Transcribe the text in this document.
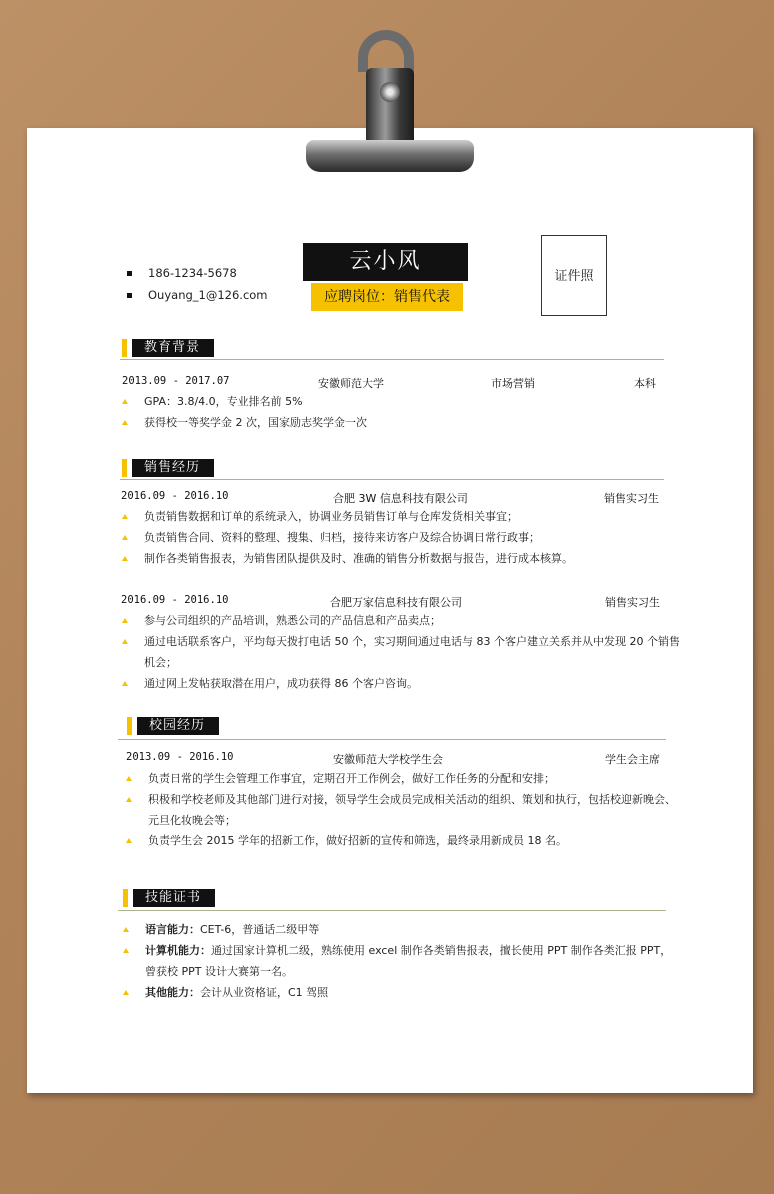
186-1234-5678
Ouyang_1@126.com
云小风
应聘岗位：销售代表
证件照
教育背景
2013.09 - 2017.07	安徽师范大学	市场营销	本科
GPA：3.8/4.0，专业排名前 5%
获得校一等奖学金 2 次，国家励志奖学金一次
销售经历
2016.09 - 2016.10	合肥 3W 信息科技有限公司	销售实习生
负责销售数据和订单的系统录入，协调业务员销售订单与仓库发货相关事宜；
负责销售合同、资料的整理、搜集、归档，接待来访客户及综合协调日常行政事；
制作各类销售报表，为销售团队提供及时、准确的销售分析数据与报告，进行成本核算。
2016.09 - 2016.10	合肥万家信息科技有限公司	销售实习生
参与公司组织的产品培训，熟悉公司的产品信息和产品卖点；
通过电话联系客户，平均每天拨打电话 50 个，实习期间通过电话与 83 个客户建立关系并从中发现 20 个销售
机会；
通过网上发帖获取潜在用户，成功获得 86 个客户咨询。
校园经历
2013.09 - 2016.10	安徽师范大学校学生会	学生会主席
负责日常的学生会管理工作事宜，定期召开工作例会，做好工作任务的分配和安排；
积极和学校老师及其他部门进行对接，领导学生会成员完成相关活动的组织、策划和执行，包括校迎新晚会、
元旦化妆晚会等；
负责学生会 2015 学年的招新工作，做好招新的宣传和筛选，最终录用新成员 18 名。
技能证书
语言能力：CET-6，普通话二级甲等
计算机能力：通过国家计算机二级，熟练使用 excel 制作各类销售报表，擅长使用 PPT 制作各类汇报 PPT，
曾获校 PPT 设计大赛第一名。
其他能力：会计从业资格证，C1 驾照
